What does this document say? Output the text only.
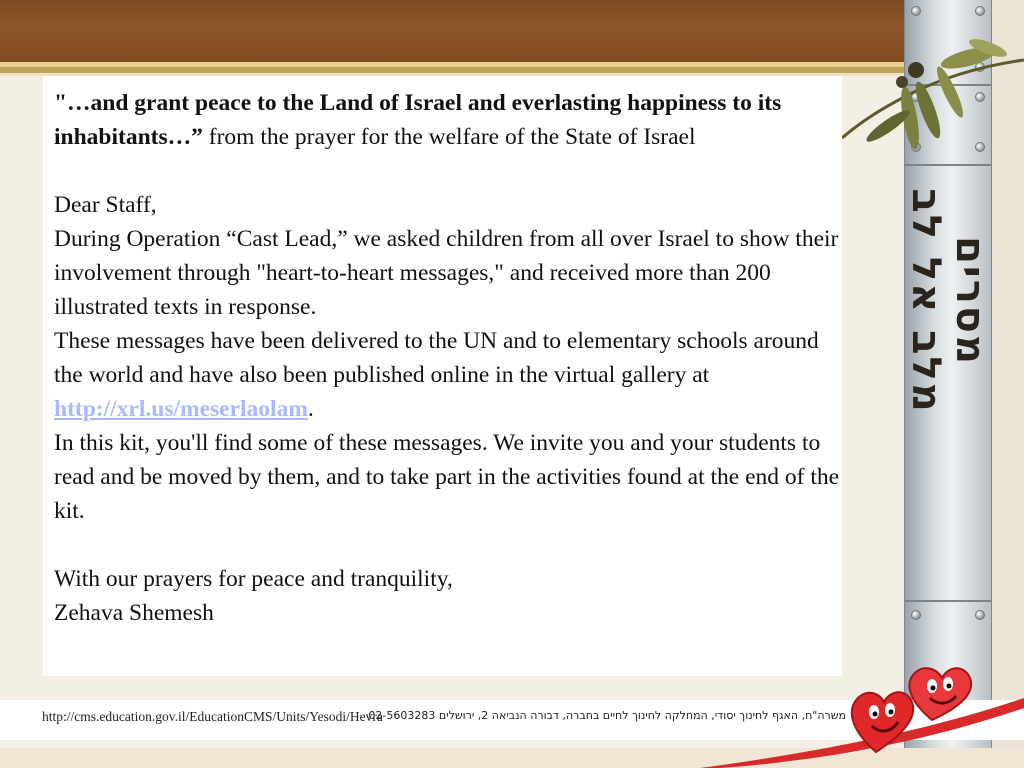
מסרים
מלב אל לב

"…and grant peace to the Land of Israel and everlasting happiness to its inhabitants…” from the prayer for the welfare of the State of Israel

Dear Staff,

During Operation “Cast Lead,” we asked children from all over Israel to show their involvement through "heart-to-heart messages," and received more than 200 illustrated texts in response.

These messages have been delivered to the UN and to elementary schools around the world and have also been published online in the virtual gallery at http://xrl.us/meserlaolam.

In this kit, you'll find some of these messages. We invite you and your students to read and be moved by them, and to take part in the activities found at the end of the kit.

With our prayers for peace and tranquility,

Zehava Shemesh

http://cms.education.gov.il/EducationCMS/Units/Yesodi/Hevra
משרה"ח, האגף לחינוך יסודי, המחלקה לחינוך לחיים בחברה, דבורה הנביאה 2, ירושלים 02-5603283
